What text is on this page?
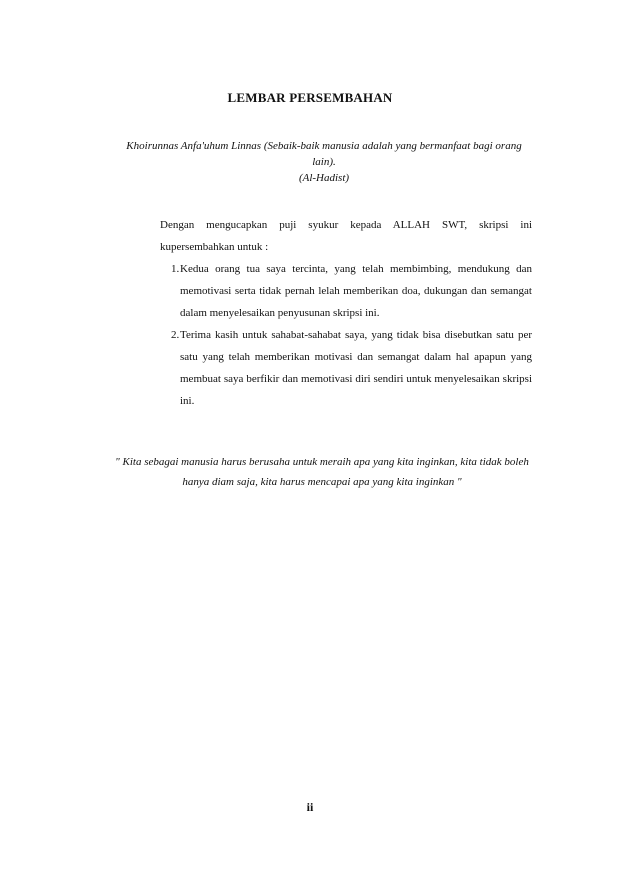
LEMBAR PERSEMBAHAN
Khoirunnas Anfa'uhum Linnas (Sebaik-baik manusia adalah yang bermanfaat bagi orang lain).
(Al-Hadist)
Dengan mengucapkan puji syukur kepada ALLAH SWT, skripsi ini kupersembahkan untuk :
1. Kedua orang tua saya tercinta, yang telah membimbing, mendukung dan memotivasi serta tidak pernah lelah memberikan doa, dukungan dan semangat dalam menyelesaikan penyusunan skripsi ini.
2. Terima kasih untuk sahabat-sahabat saya, yang tidak bisa disebutkan satu per satu yang telah memberikan motivasi dan semangat dalam hal apapun yang membuat saya berfikir dan memotivasi diri sendiri untuk menyelesaikan skripsi ini.
" Kita sebagai manusia harus berusaha untuk meraih apa yang kita inginkan, kita tidak boleh hanya diam saja, kita harus mencapai apa yang kita inginkan "
ii
